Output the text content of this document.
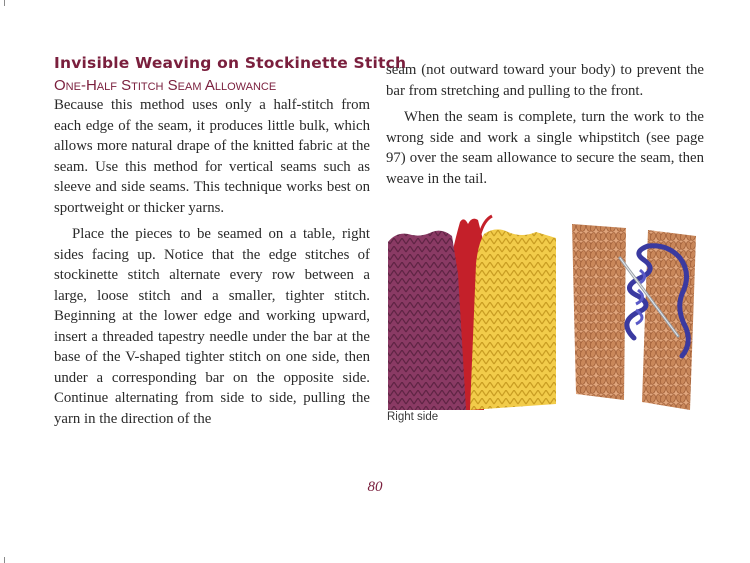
Invisible Weaving on Stockinette Stitch
One-Half Stitch Seam Allowance

Because this method uses only a half-stitch from each edge of the seam, it produces little bulk, which allows more natural drape of the knitted fabric at the seam. Use this method for vertical seams such as sleeve and side seams. This technique works best on sportweight or thicker yarns.

Place the pieces to be seamed on a table, right sides facing up. Notice that the edge stitches of stockinette stitch alternate every row between a large, loose stitch and a smaller, tighter stitch. Beginning at the lower edge and working upward, insert a threaded tapestry needle under the bar at the base of the V-shaped tighter stitch on one side, then under a corresponding bar on the opposite side. Continue alternating from side to side, pulling the yarn in the direction of the

seam (not outward toward your body) to prevent the bar from stretching and pulling to the front.

When the seam is complete, turn the work to the wrong side and work a single whipstitch (see page 97) over the seam allowance to secure the seam, then weave in the tail.

Right side
80
